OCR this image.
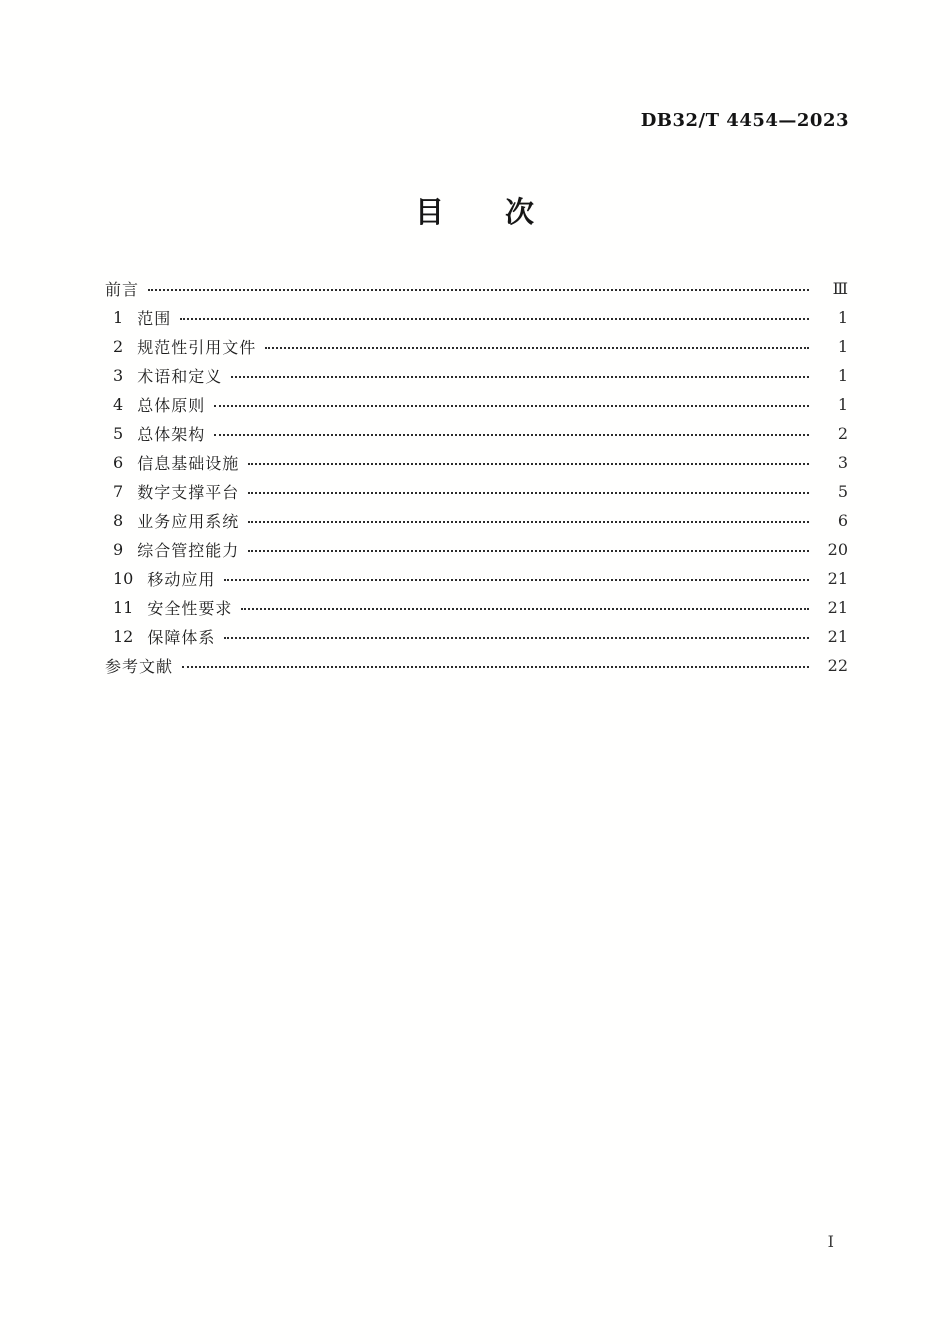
DB32/T 4454—2023
目　　次
前言	Ⅲ
1 范围	1
2 规范性引用文件	1
3 术语和定义	1
4 总体原则	1
5 总体架构	2
6 信息基础设施	3
7 数字支撑平台	5
8 业务应用系统	6
9 综合管控能力	20
10 移动应用	21
11 安全性要求	21
12 保障体系	21
参考文献	22
Ⅰ
